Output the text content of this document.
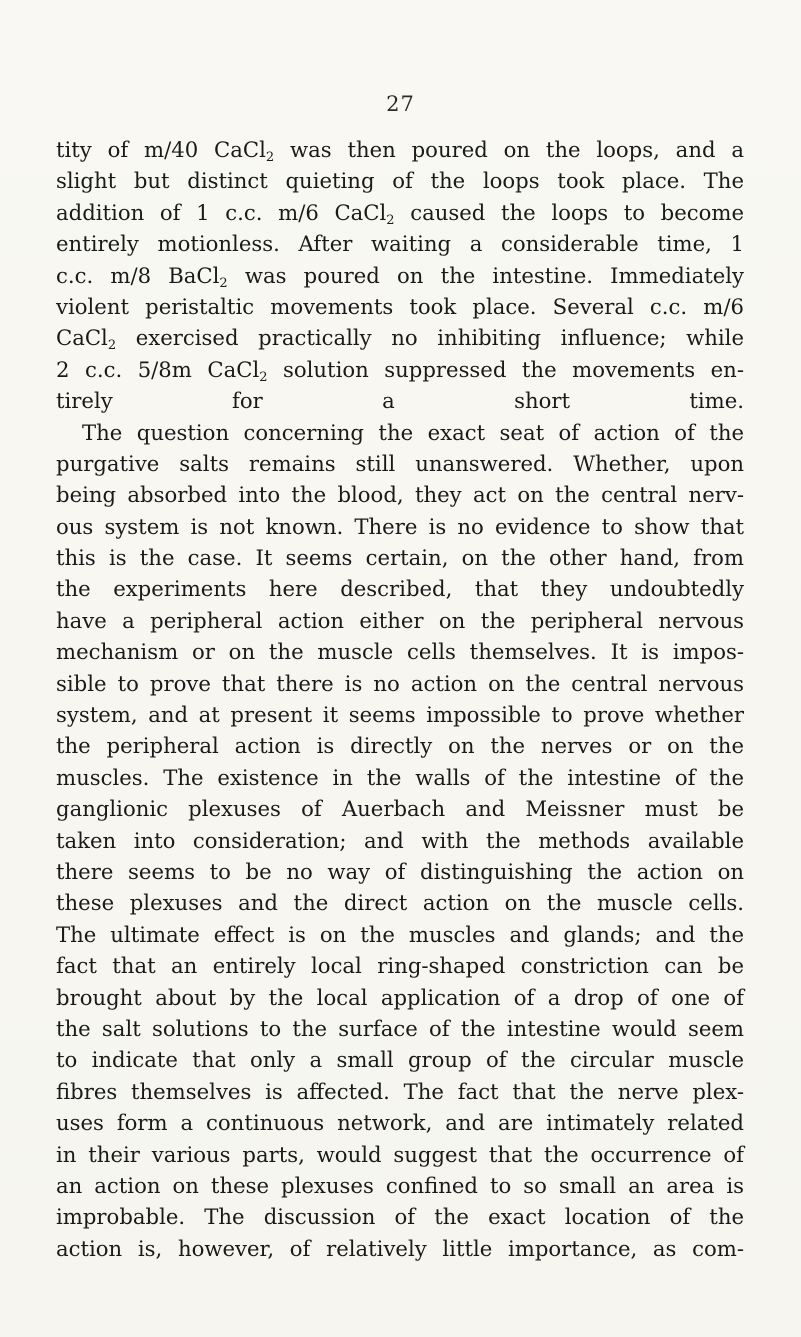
27
tity of m/40 CaCl$_2$ was then poured on the loops, and a
slight but distinct quieting of the loops took place. The
addition of 1 c.c. m/6 CaCl$_2$ caused the loops to become
entirely motionless. After waiting a considerable time, 1
c.c. m/8 BaCl$_2$ was poured on the intestine. Immediately
violent peristaltic movements took place. Several c.c. m/6
CaCl$_2$ exercised practically no inhibiting influence; while
2 c.c. 5/8m CaCl$_2$ solution suppressed the movements en-
tirely for a short time.
The question concerning the exact seat of action of the
purgative salts remains still unanswered. Whether, upon
being absorbed into the blood, they act on the central nerv-
ous system is not known. There is no evidence to show that
this is the case. It seems certain, on the other hand, from
the experiments here described, that they undoubtedly
have a peripheral action either on the peripheral nervous
mechanism or on the muscle cells themselves. It is impos-
sible to prove that there is no action on the central nervous
system, and at present it seems impossible to prove whether
the peripheral action is directly on the nerves or on the
muscles. The existence in the walls of the intestine of the
ganglionic plexuses of Auerbach and Meissner must be
taken into consideration; and with the methods available
there seems to be no way of distinguishing the action on
these plexuses and the direct action on the muscle cells.
The ultimate effect is on the muscles and glands; and the
fact that an entirely local ring-shaped constriction can be
brought about by the local application of a drop of one of
the salt solutions to the surface of the intestine would seem
to indicate that only a small group of the circular muscle
fibres themselves is affected. The fact that the nerve plex-
uses form a continuous network, and are intimately related
in their various parts, would suggest that the occurrence of
an action on these plexuses confined to so small an area is
improbable. The discussion of the exact location of the
action is, however, of relatively little importance, as com-
